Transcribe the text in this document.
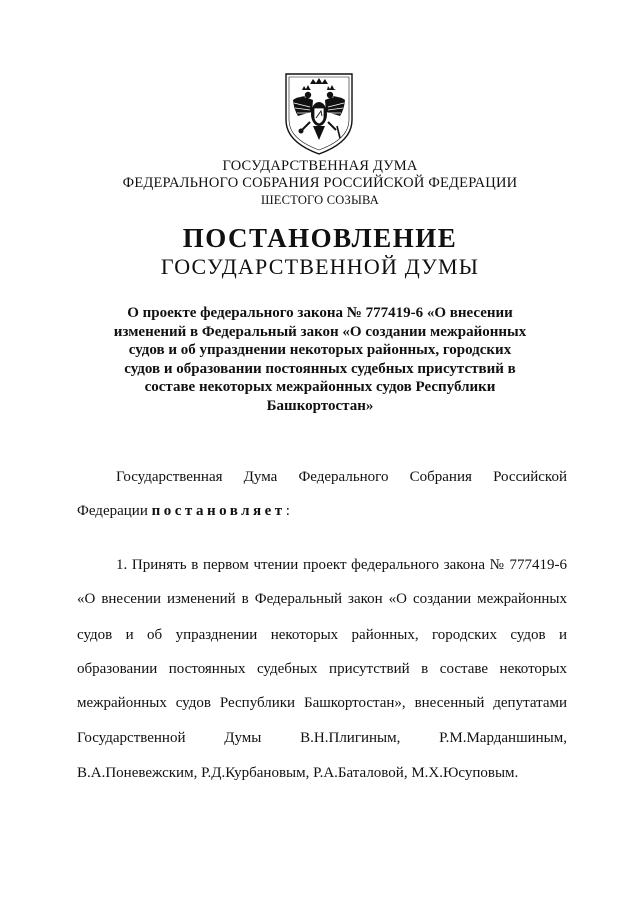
ГОСУДАРСТВЕННАЯ ДУМА
ФЕДЕРАЛЬНОГО СОБРАНИЯ РОССИЙСКОЙ ФЕДЕРАЦИИ
ШЕСТОГО СОЗЫВА
ПОСТАНОВЛЕНИЕ
ГОСУДАРСТВЕННОЙ ДУМЫ
О проекте федерального закона № 777419-6 «О внесении изменений в Федеральный закон «О создании межрайонных судов и об упразднении некоторых районных, городских судов и образовании постоянных судебных присутствий в составе некоторых межрайонных судов Республики Башкортостан»
Государственная Дума Федерального Собрания Российской
Федерации постановляет:
1. Принять в первом чтении проект федерального закона № 777419-6
«О внесении изменений в Федеральный закон «О создании межрайонных
судов и об упразднении некоторых районных, городских судов и
образовании постоянных судебных присутствий в составе некоторых
межрайонных судов Республики Башкортостан», внесенный депутатами
Государственной Думы В.Н.Плигиным, Р.М.Марданшиным,
В.А.Поневежским, Р.Д.Курбановым, Р.А.Баталовой, М.Х.Юсуповым.
